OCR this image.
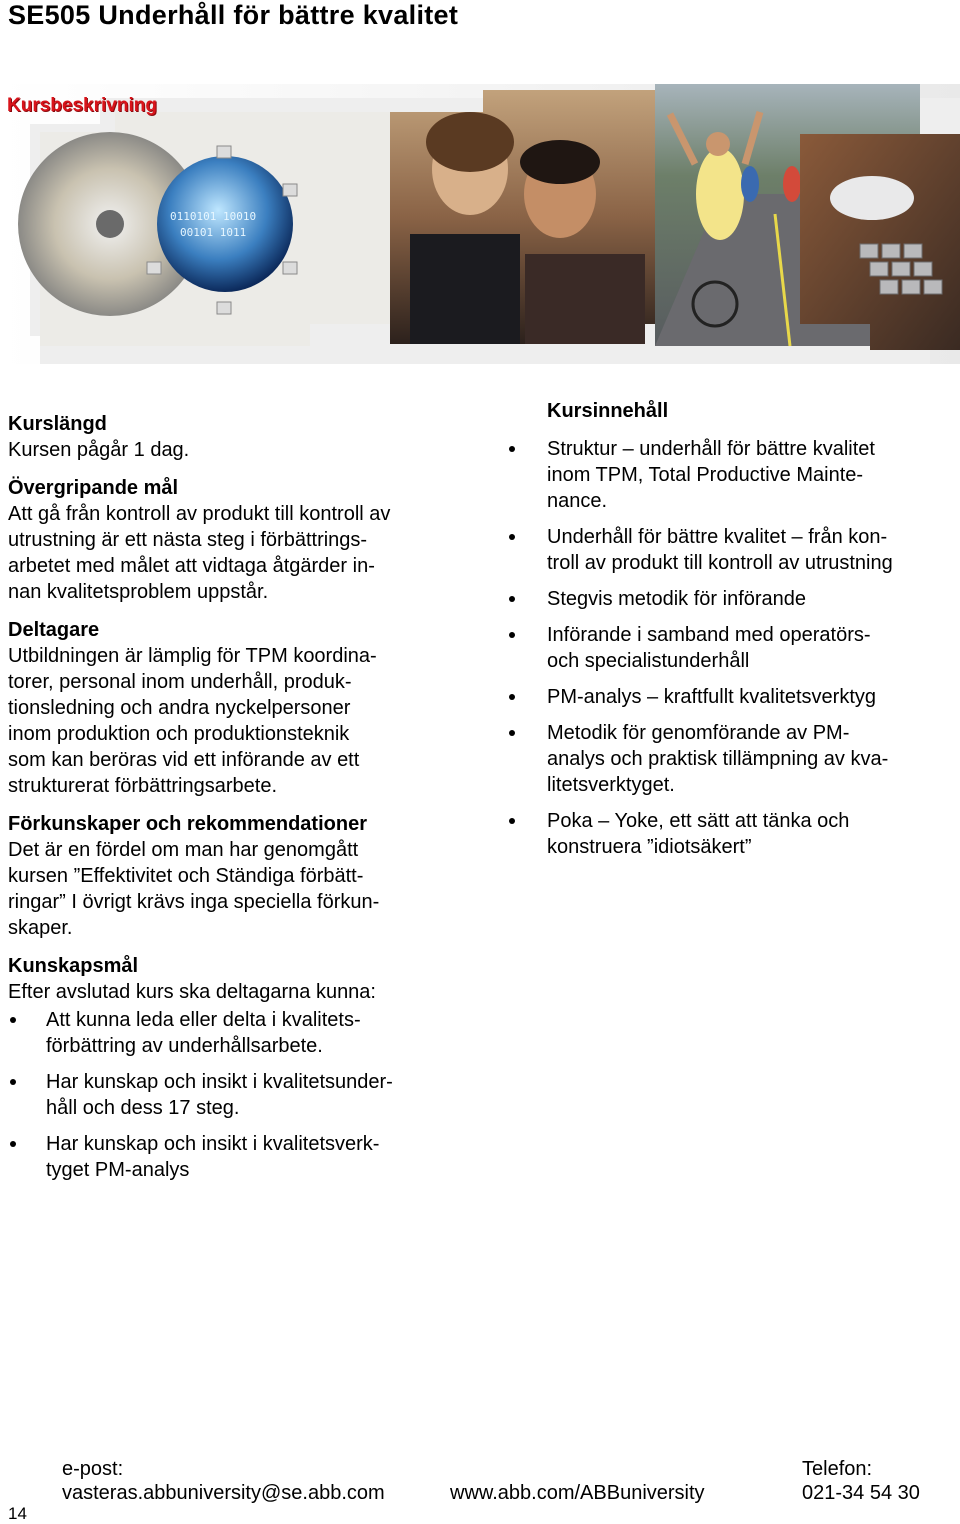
SE505 Underhåll för bättre kvalitet
0110101 10010
00101 1011
Kursbeskrivning

Kurslängd

Kursen pågår 1 dag.

Övergripande mål

Att gå från kontroll av produkt till kontroll av

utrustning är ett nästa steg i förbättrings-

arbetet med målet att vidtaga åtgärder in-

nan kvalitetsproblem uppstår.

Deltagare

Utbildningen är lämplig för TPM koordina-

torer, personal inom underhåll, produk-

tionsledning och andra nyckelpersoner

inom produktion och produktionsteknik

som kan beröras vid ett införande av ett

strukturerat förbättringsarbete.

Förkunskaper och rekommendationer

Det är en fördel om man har genomgått

kursen ”Effektivitet och Ständiga förbätt-

ringar” I övrigt krävs inga speciella förkun-

skaper.

Kunskapsmål

Efter avslutad kurs ska deltagarna kunna:

Att kunna leda eller delta i kvalitets-
förbättring av underhållsarbete.
Har kunskap och insikt i kvalitetsunder-
håll och dess 17 steg.
Har kunskap och insikt i kvalitetsverk-
tyget PM-analys

Kursinnehåll

Struktur – underhåll för bättre kvalitet
inom TPM, Total Productive Mainte-
nance.
Underhåll för bättre kvalitet – från kon-
troll av produkt till kontroll av utrustning
Stegvis metodik för införande
Införande i samband med operatörs-
och specialistunderhåll
PM-analys – kraftfullt kvalitetsverktyg
Metodik för genomförande av PM-
analys och praktisk tillämpning av kva-
litetsverktyget.
Poka – Yoke, ett sätt att tänka och
konstruera ”idiotsäkert”
e-post:
vasteras.abbuniversity@se.abb.com	www.abb.com/ABBuniversity
Telefon:
021-34 54 30
14
